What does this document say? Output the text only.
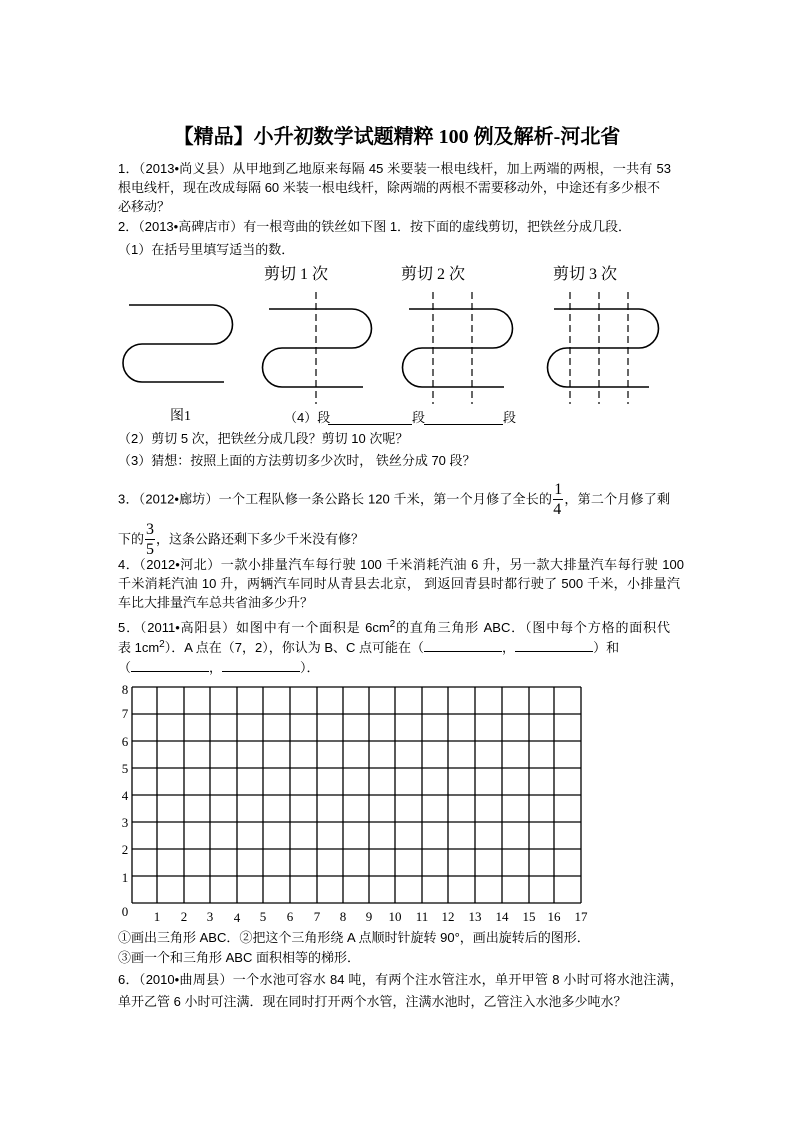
【精品】小升初数学试题精粹 100 例及解析-河北省
1．（2013•尚义县）从甲地到乙地原来每隔 45 米要装一根电线杆，加上两端的两根，一共有 53
根电线杆，现在改成每隔 60 米装一根电线杆，除两端的两根不需要移动外，中途还有多少根不
必移动？
2．（2013•高碑店市）有一根弯曲的铁丝如下图 1．按下面的虚线剪切，把铁丝分成几段．
（1）在括号里填写适当的数．
剪切 1 次	剪切 2 次	剪切 3 次
图1	（4）段	段	段
（2）剪切 5 次，把铁丝分成几段？剪切 10 次呢？
（3）猜想：按照上面的方法剪切多少次时， 铁丝分成 70 段？
3．（2012•廊坊）一个工程队修一条公路长 120 千米，第一个月修了全长的 $\frac{1}{4}$ ，第二个月修了剩
下的 $\frac{3}{5}$ ，这条公路还剩下多少千米没有修？
4．（2012•河北）一款小排量汽车每行驶 100 千米消耗汽油 6 升，另一款大排量汽车每行驶 100
千米消耗汽油 10 升，两辆汽车同时从青县去北京， 到返回青县时都行驶了 500 千米，小排量汽
车比大排量汽车总共省油多少升？
5．（2011•高阳县）如图中有一个面积是 $6cm^2$的直角三角形 ABC．（图中每个方格的面积代
表 $1cm^2$）．A 点在（7，2），你认为 B、C 点可能在（	，	）和
（	，	）．
8
7
6
5
4
3
2
1
0	1	2	3	4	5	6	7	8	9	10 11 12 13 14 15 16 17
①画出三角形 ABC．②把这个三角形绕 A 点顺时针旋转 90°，画出旋转后的图形．
③画一个和三角形 ABC 面积相等的梯形．
6．（2010•曲周县）一个水池可容水 84 吨，有两个注水管注水，单开甲管 8 小时可将水池注满，
单开乙管 6 小时可注满．现在同时打开两个水管，注满水池时，乙管注入水池多少吨水？
